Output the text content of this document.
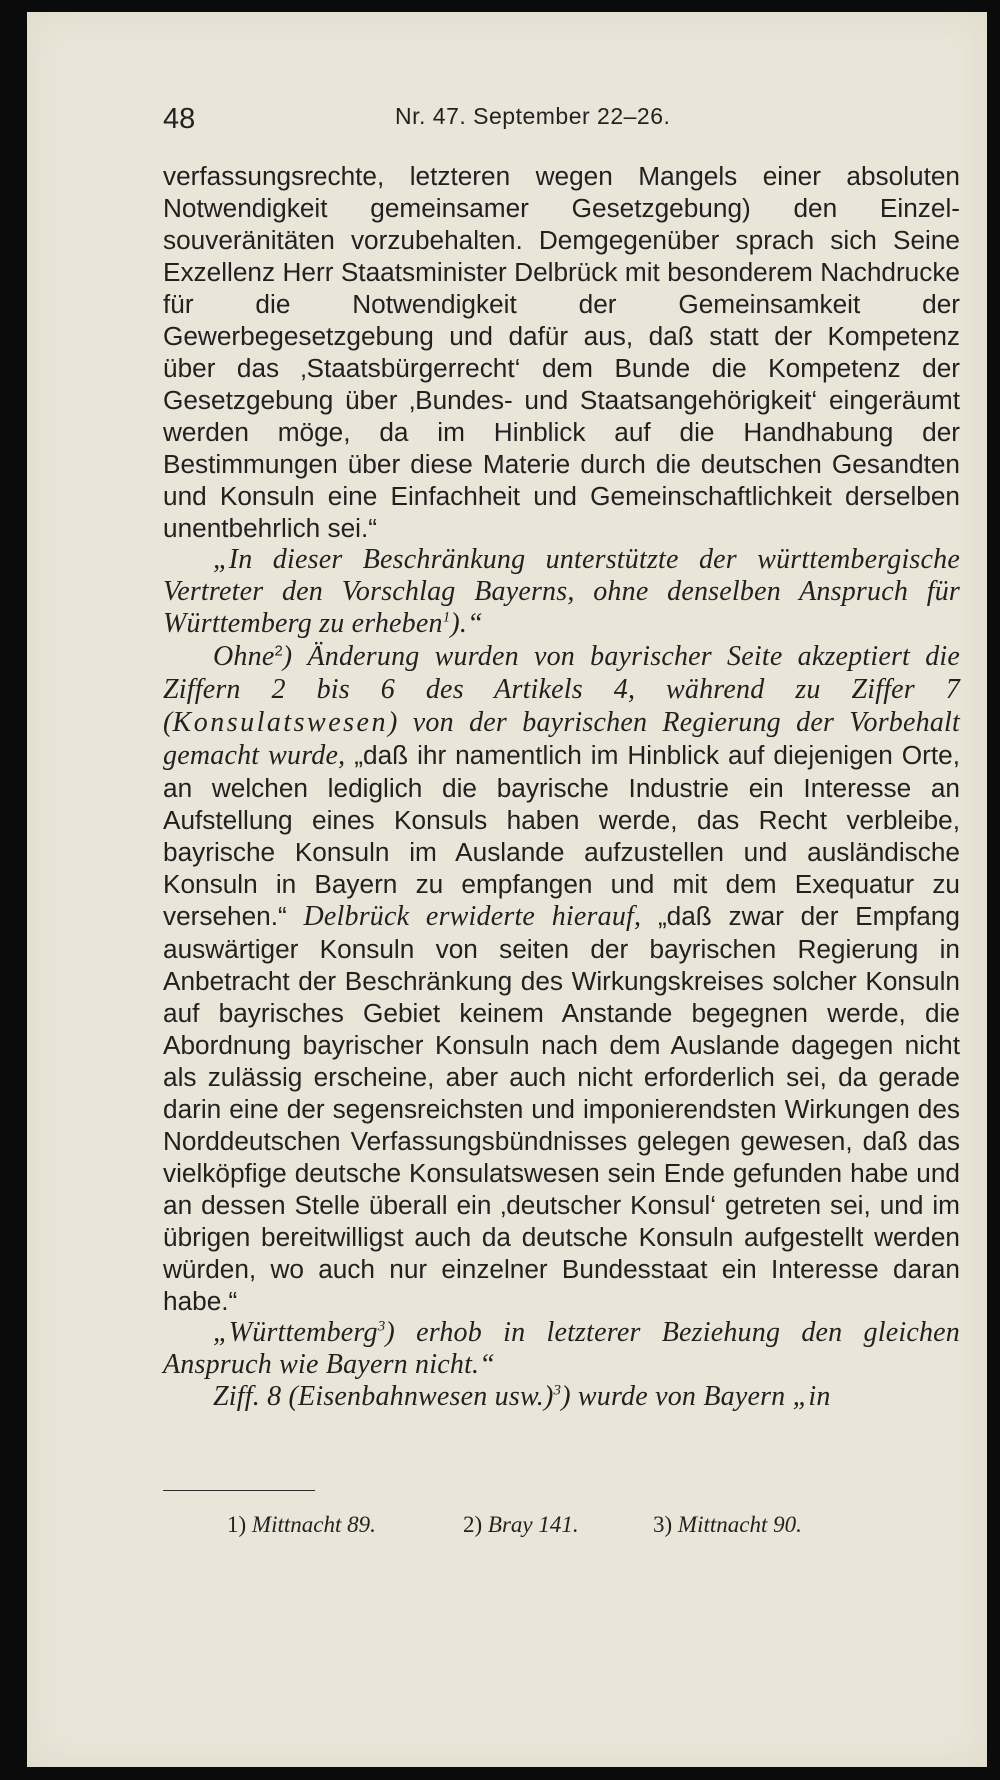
48	Nr. 47. September 22–26.

verfassungsrechte, letzteren wegen Mangels einer absoluten Notwendigkeit gemeinsamer Gesetzgebung) den Einzelsouveränitäten vorzubehalten. Demgegenüber sprach sich Seine Exzellenz Herr Staatsminister Delbrück mit besonderem Nachdrucke für die Notwendigkeit der Gemeinsamkeit der Gewerbegesetzgebung und dafür aus, daß statt der Kompetenz über das ‚Staatsbürgerrecht‘ dem Bunde die Kompetenz der Gesetzgebung über ‚Bundes- und Staatsangehörigkeit‘ eingeräumt werden möge, da im Hinblick auf die Handhabung der Bestimmungen über diese Materie durch die deutschen Gesandten und Konsuln eine Einfachheit und Gemeinschaftlichkeit derselben unentbehrlich sei.“

„In dieser Beschränkung unterstützte der württembergische Vertreter den Vorschlag Bayerns, ohne denselben Anspruch für Württemberg zu erheben$^1$).“

Ohne$^2$) Änderung wurden von bayrischer Seite akzeptiert die Ziffern 2 bis 6 des Artikels 4, während zu Ziffer 7 (Konsulatswesen) von der bayrischen Regierung der Vorbehalt gemacht wurde, „daß ihr namentlich im Hinblick auf diejenigen Orte, an welchen lediglich die bayrische Industrie ein Interesse an Aufstellung eines Konsuls haben werde, das Recht verbleibe, bayrische Konsuln im Auslande aufzustellen und ausländische Konsuln in Bayern zu empfangen und mit dem Exequatur zu versehen.“ Delbrück erwiderte hierauf, „daß zwar der Empfang auswärtiger Konsuln von seiten der bayrischen Regierung in Anbetracht der Beschränkung des Wirkungskreises solcher Konsuln auf bayrisches Gebiet keinem Anstande begegnen werde, die Abordnung bayrischer Konsuln nach dem Auslande dagegen nicht als zulässig erscheine, aber auch nicht erforderlich sei, da gerade darin eine der segensreichsten und imponierendsten Wirkungen des Norddeutschen Verfassungsbündnisses gelegen gewesen, daß das vielköpfige deutsche Konsulatswesen sein Ende gefunden habe und an dessen Stelle überall ein ‚deutscher Konsul‘ getreten sei, und im übrigen bereitwilligst auch da deutsche Konsuln aufgestellt werden würden, wo auch nur einzelner Bundesstaat ein Interesse daran habe.“

„Württemberg$^3$) erhob in letzterer Beziehung den gleichen Anspruch wie Bayern nicht.“

Ziff. 8 (Eisenbahnwesen usw.)$^3$) wurde von Bayern „in

1) Mittnacht 89.	2) Bray 141.	3) Mittnacht 90.
